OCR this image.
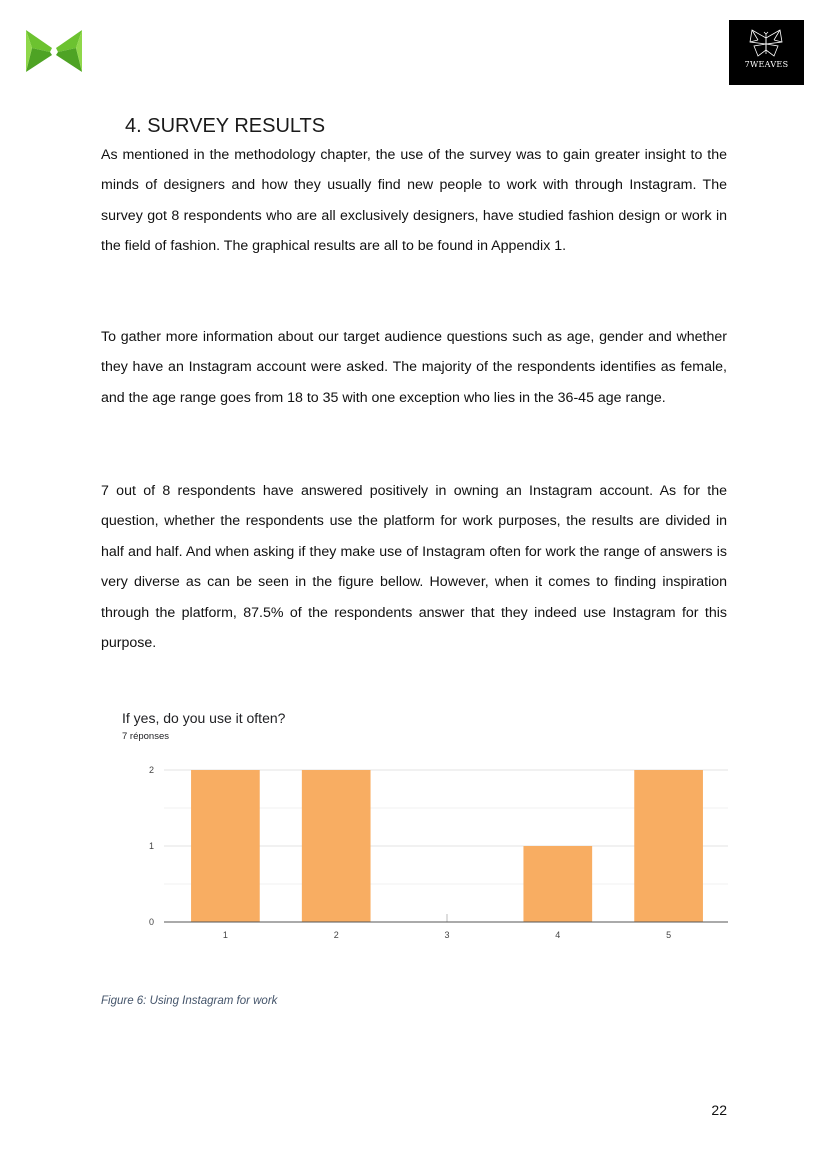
7WEAVES
4. SURVEY RESULTS

As mentioned in the methodology chapter, the use of the survey was to gain greater insight to the minds of designers and how they usually find new people to work with through Instagram. The survey got 8 respondents who are all exclusively designers, have studied fashion design or work in the field of fashion. The graphical results are all to be found in Appendix 1.

To gather more information about our target audience questions such as age, gender and whether they have an Instagram account were asked. The majority of the respondents identifies as female, and the age range goes from 18 to 35 with one exception who lies in the 36-45 age range.

7 out of 8 respondents have answered positively in owning an Instagram account. As for the question, whether the respondents use the platform for work purposes, the results are divided in half and half. And when asking if they make use of Instagram often for work the range of answers is very diverse as can be seen in the figure bellow. However, when it comes to finding inspiration through the platform, 87.5% of the respondents answer that they indeed use Instagram for this purpose.

0
1
2
1	2	3	4	5

If yes, do you use it often?

7 réponses

Figure 6: Using Instagram for work

22
